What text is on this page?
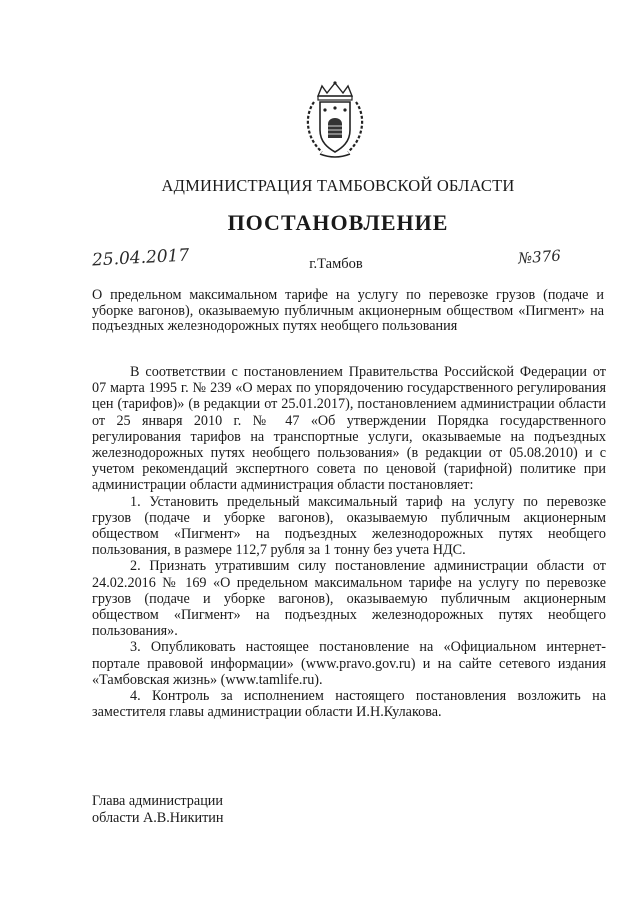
АДМИНИСТРАЦИЯ ТАМБОВСКОЙ ОБЛАСТИ
ПОСТАНОВЛЕНИЕ
25.04.2017	г.Тамбов	№376
О предельном максимальном тарифе на услугу по перевозке грузов (подаче и уборке вагонов), оказываемую публичным акционерным обществом «Пигмент» на подъездных железнодорожных путях необщего пользования

В соответствии с постановлением Правительства Российской Федерации от 07 марта 1995 г. № 239 «О мерах по упорядочению государственного регулирования цен (тарифов)» (в редакции от 25.01.2017), постановлением администрации области от 25 января 2010 г. № 47 «Об утверждении Порядка государственного регулирования тарифов на транспортные услуги, оказываемые на подъездных железнодорожных путях необщего пользования» (в редакции от 05.08.2010) и с учетом рекомендаций экспертного совета по ценовой (тарифной) политике при администрации области администрация области постановляет:

1. Установить предельный максимальный тариф на услугу по перевозке грузов (подаче и уборке вагонов), оказываемую публичным акционерным обществом «Пигмент» на подъездных железнодорожных путях необщего пользования, в размере 112,7 рубля за 1 тонну без учета НДС.

2. Признать утратившим силу постановление администрации области от 24.02.2016 № 169 «О предельном максимальном тарифе на услугу по перевозке грузов (подаче и уборке вагонов), оказываемую публичным акционерным обществом «Пигмент» на подъездных железнодорожных путях необщего пользования».

3. Опубликовать настоящее постановление на «Официальном интернет-портале правовой информации» (www.pravo.gov.ru) и на сайте сетевого издания «Тамбовская жизнь» (www.tamlife.ru).

4. Контроль за исполнением настоящего постановления возложить на заместителя главы администрации области И.Н.Кулакова.

Глава администрации
области А.В.Никитин
